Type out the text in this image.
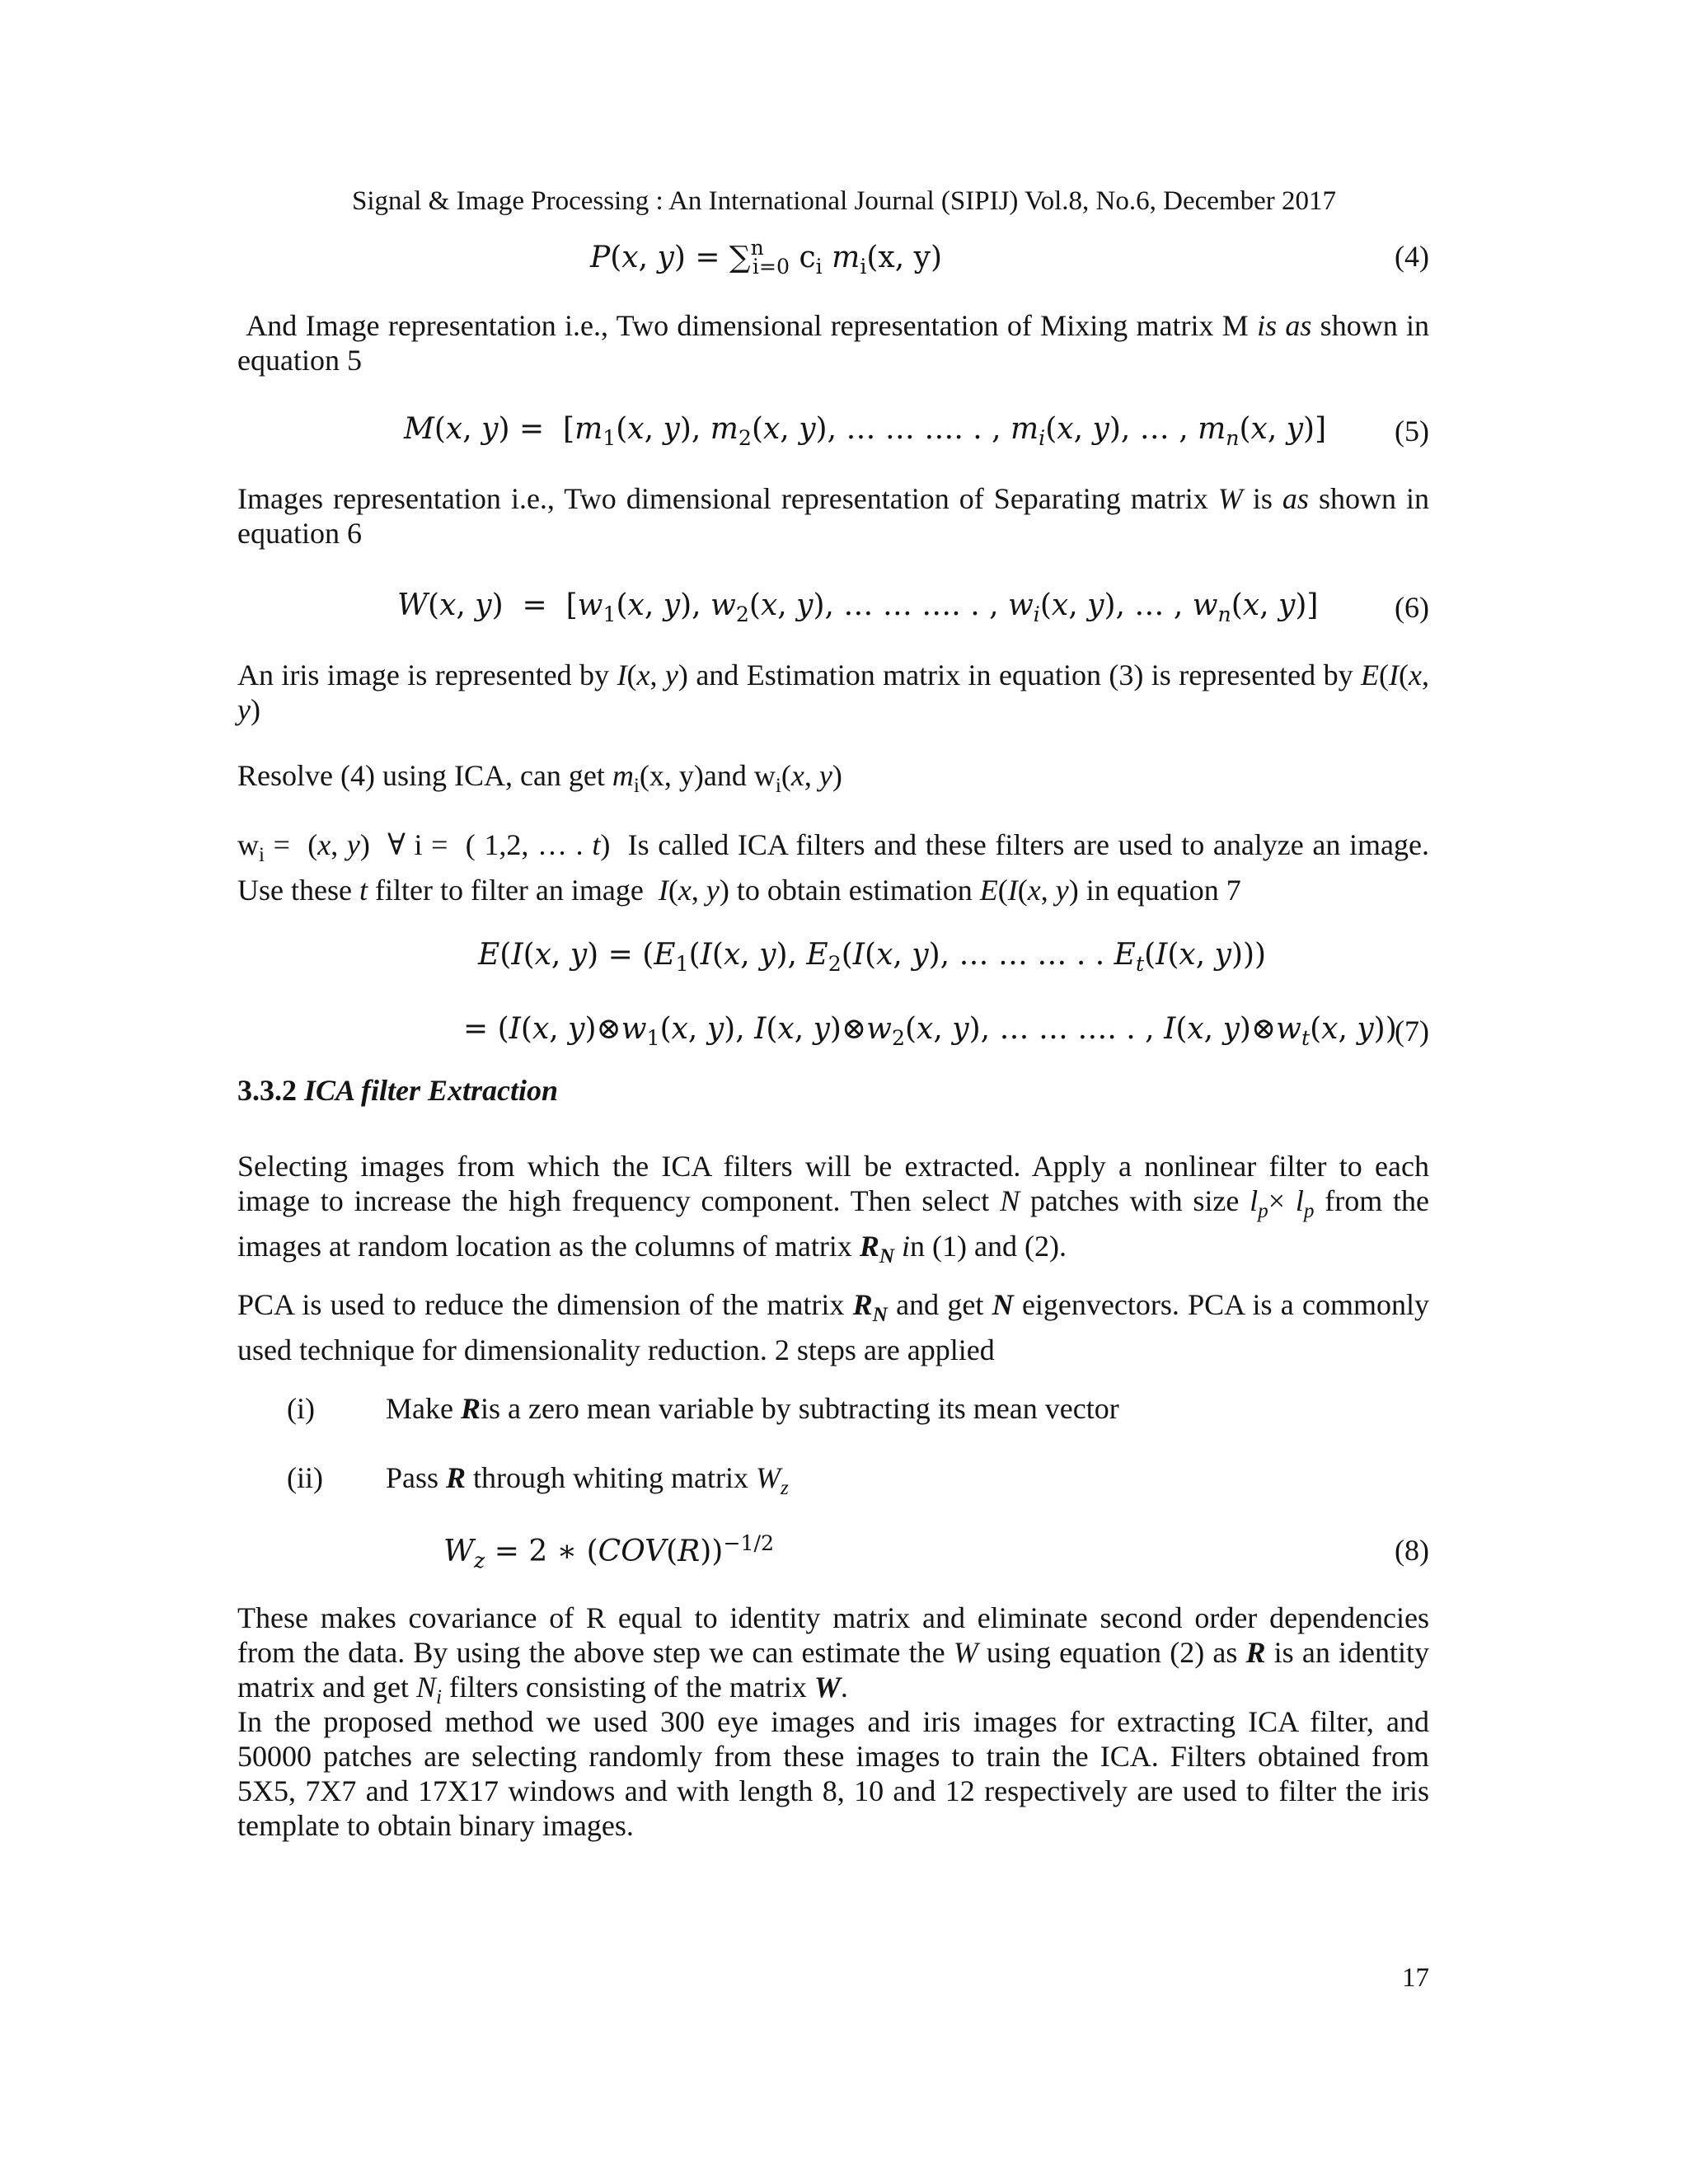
Signal & Image Processing : An International Journal (SIPIJ) Vol.8, No.6, December 2017
P(x, y) = ∑$^n_{i=0}$ $c_i$ $m_i(x$, y)	(4)
And Image representation i.e., Two dimensional representation of Mixing matrix M is as shown in equation 5
M(x, $y) = [m_1(x$, y), $m_2(x$, y), … … …. . , $m_i(x$, y), … , $m_n(x$, y)] (5)
Images representation i.e., Two dimensional representation of Separating matrix W is as shown in equation 6
W(x, $y) = [w_1(x$, y), $w_2(x$, y), … … …. . , $w_i(x$, y), … , $w_n(x$, y)]	(6)
An iris image is represented by I(x, y) and Estimation matrix in equation (3) is represented by E(I(x, y)
Resolve (4) using ICA, can get $m_i(x$, y)and $w_i(x$, y)
$w_i = (x$, y)  ∀ i =  ( 1,2, … . t)  Is called ICA filters and these filters are used to analyze an image. Use these t filter to filter an image  I(x, y) to obtain estimation E(I(x, y) in equation 7
E(I(x, $y) = (E_1(I(x$, y), $E_2(I(x$, y), … … … . . $E_t(I(x$, y)))
= (I(x, $y)\otimes w_1(x$, y), I(x, $y)\otimes w_2(x$, y), … … …. . , I(x, $y)\otimes w_t(x$, y))
(7)
3.3.2 ICA filter Extraction
Selecting images from which the ICA filters will be extracted. Apply a nonlinear filter to each image to increase the high frequency component. Then select N patches with size $l_p\times l_p$ from the images at random location as the columns of matrix $R_N$ in (1) and (2).
PCA is used to reduce the dimension of the matrix $R_N$ and get N eigenvectors. PCA is a commonly used technique for dimensionality reduction. 2 steps are applied
(i) Make Ris a zero mean variable by subtracting its mean vector
(ii) Pass R through whiting matrix $W_z$
$W_z = 2$ ∗ $(COV(R))^{-1/2}$	(8)
These makes covariance of R equal to identity matrix and eliminate second order dependencies from the data. By using the above step we can estimate the W using equation (2) as R is an identity matrix and get $N_i$ filters consisting of the matrix W.
In the proposed method we used 300 eye images and iris images for extracting ICA filter, and 50000 patches are selecting randomly from these images to train the ICA. Filters obtained from 5X5, 7X7 and 17X17 windows and with length 8, 10 and 12 respectively are used to filter the iris template to obtain binary images.
17
